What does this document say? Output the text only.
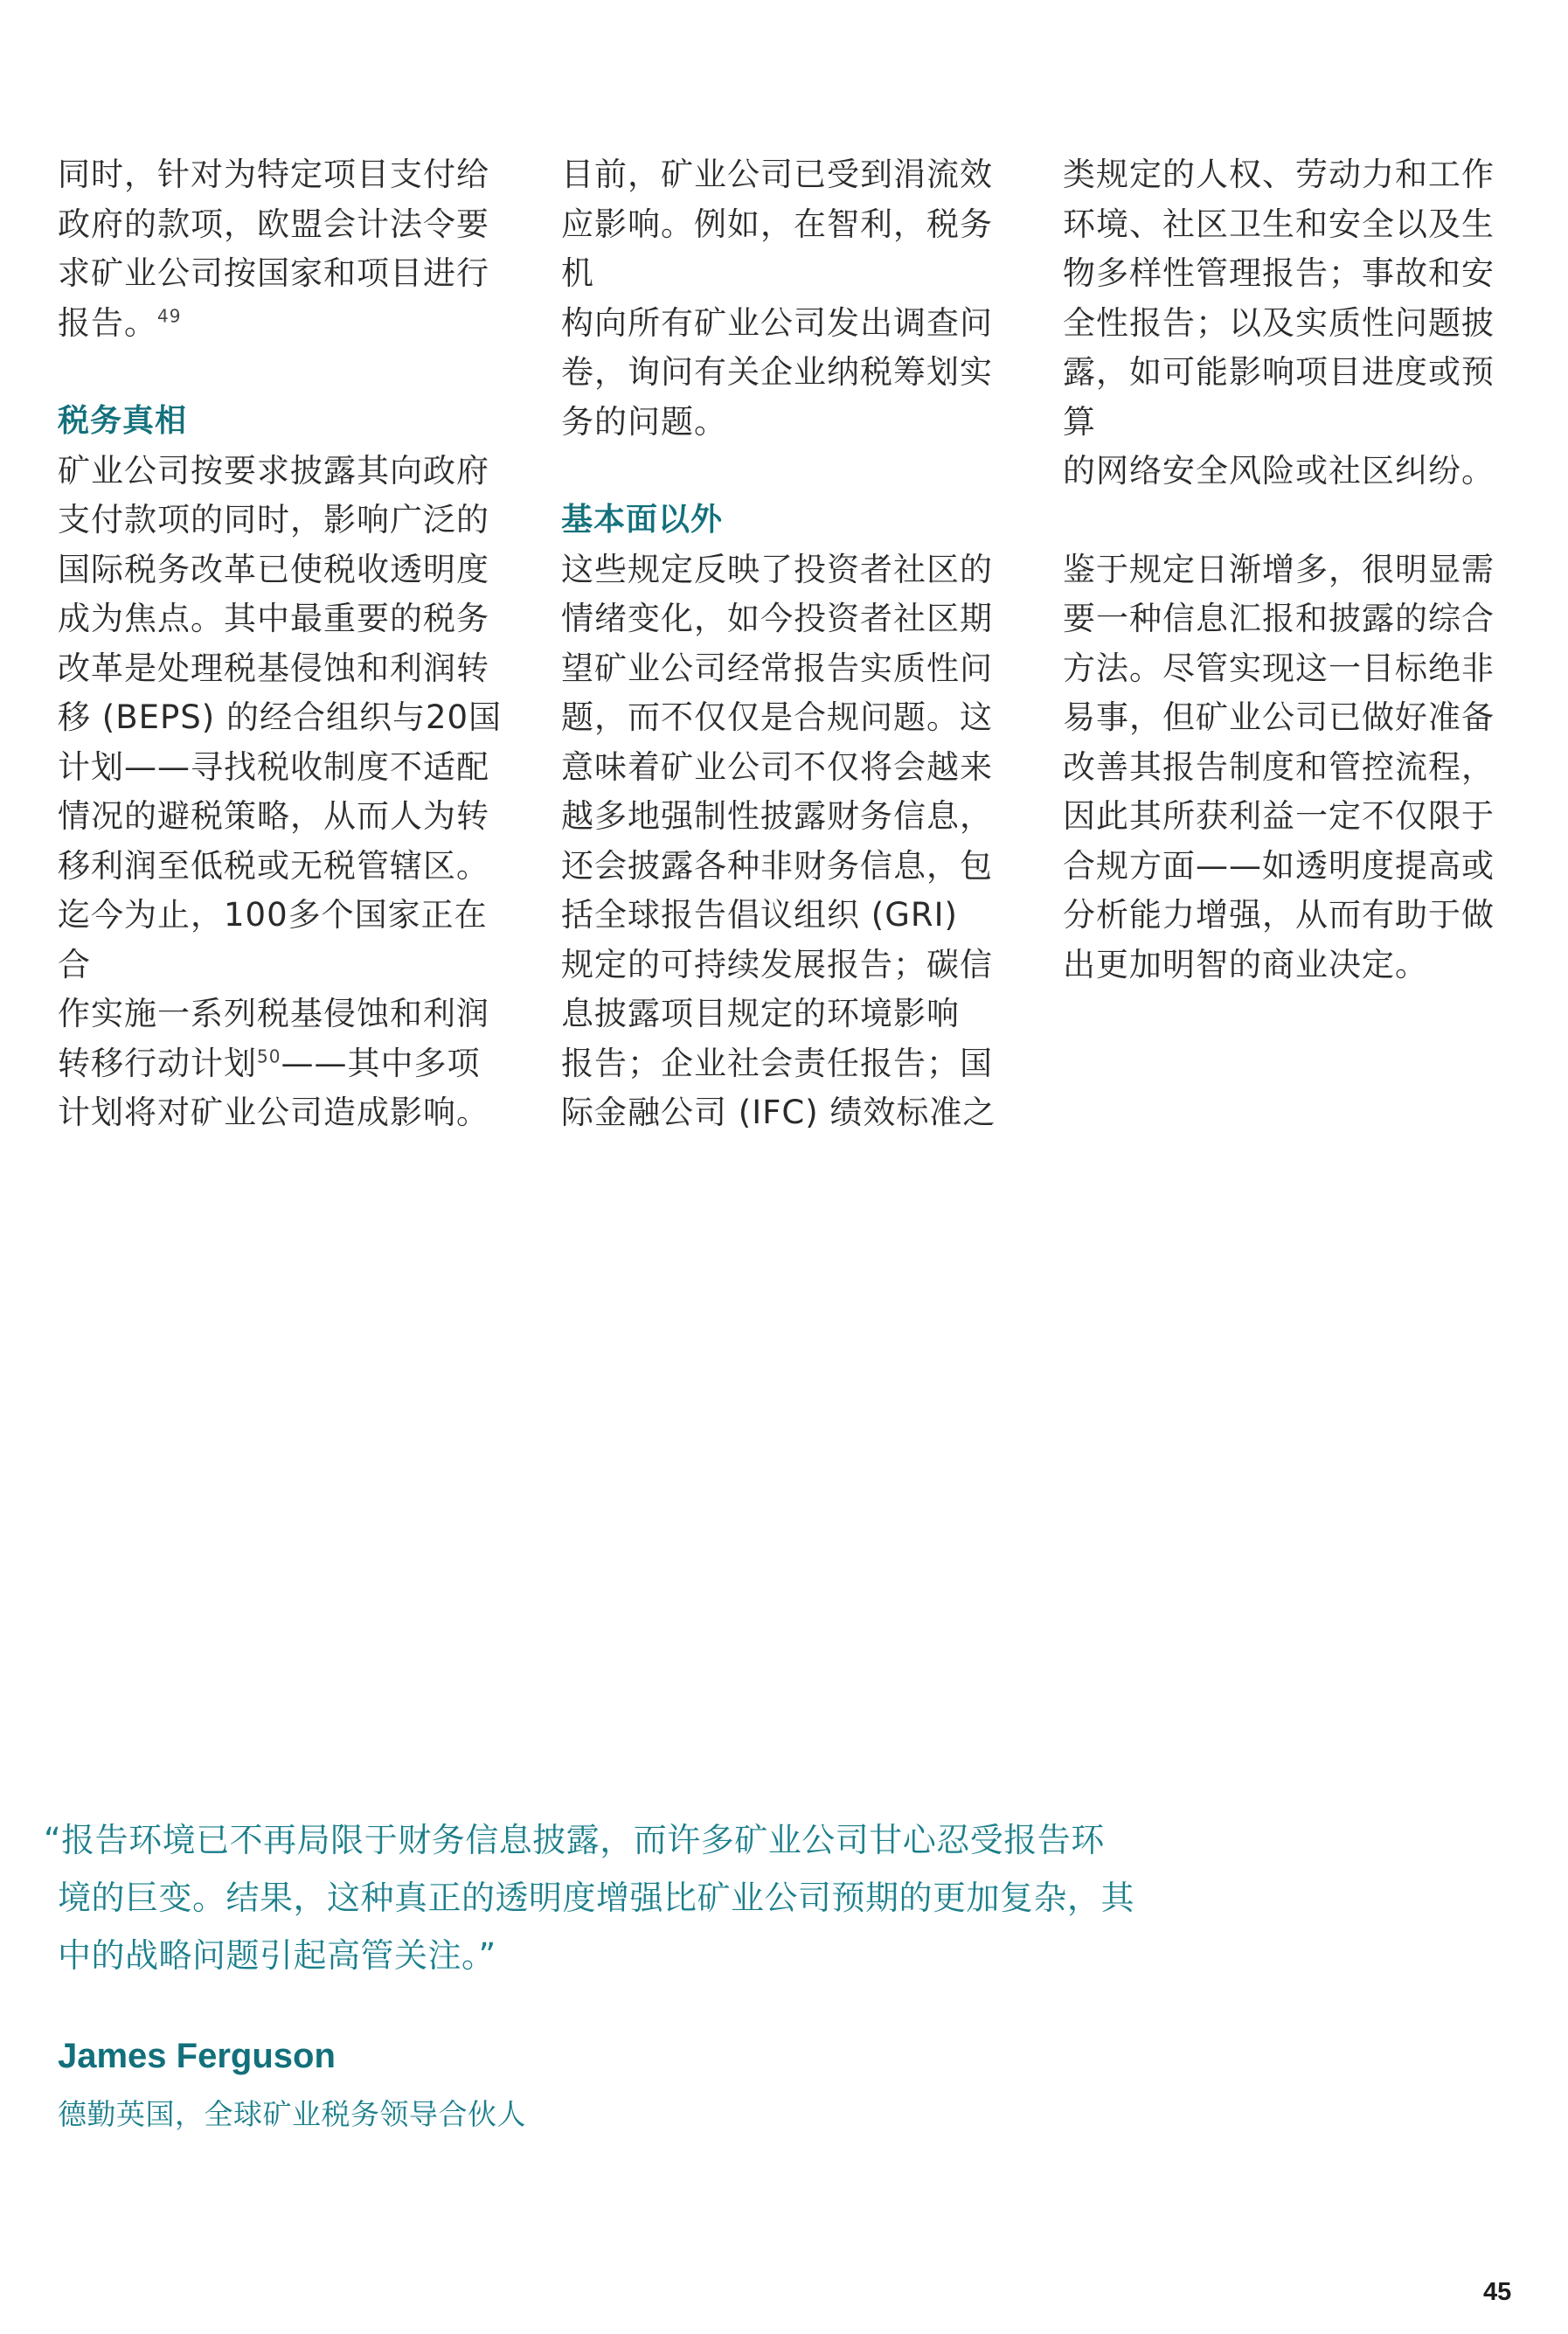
同时，针对为特定项目支付给
政府的款项，欧盟会计法令要
求矿业公司按国家和项目进行
报告。$^{49}$

税务真相

矿业公司按要求披露其向政府
支付款项的同时，影响广泛的
国际税务改革已使税收透明度
成为焦点。其中最重要的税务
改革是处理税基侵蚀和利润转
移 (BEPS) 的经合组织与20国
计划——寻找税收制度不适配
情况的避税策略，从而人为转
移利润至低税或无税管辖区。
迄今为止，100多个国家正在合
作实施一系列税基侵蚀和利润
转移行动计划$^{50}$——其中多项
计划将对矿业公司造成影响。

目前，矿业公司已受到涓流效
应影响。例如，在智利，税务机
构向所有矿业公司发出调查问
卷，询问有关企业纳税筹划实
务的问题。

基本面以外

这些规定反映了投资者社区的
情绪变化，如今投资者社区期
望矿业公司经常报告实质性问
题，而不仅仅是合规问题。这
意味着矿业公司不仅将会越来
越多地强制性披露财务信息，
还会披露各种非财务信息，包
括全球报告倡议组织 (GRI)
规定的可持续发展报告；碳信
息披露项目规定的环境影响
报告；企业社会责任报告；国
际金融公司 (IFC) 绩效标准之

类规定的人权、劳动力和工作
环境、社区卫生和安全以及生
物多样性管理报告；事故和安
全性报告；以及实质性问题披
露，如可能影响项目进度或预算
的网络安全风险或社区纠纷。

鉴于规定日渐增多，很明显需
要一种信息汇报和披露的综合
方法。尽管实现这一目标绝非
易事，但矿业公司已做好准备
改善其报告制度和管控流程，
因此其所获利益一定不仅限于
合规方面——如透明度提高或
分析能力增强，从而有助于做
出更加明智的商业决定。

“报告环境已不再局限于财务信息披露，而许多矿业公司甘心忍受报告环
境的巨变。结果，这种真正的透明度增强比矿业公司预期的更加复杂，其
中的战略问题引起高管关注。”
James Ferguson
德勤英国，全球矿业税务领导合伙人
45
